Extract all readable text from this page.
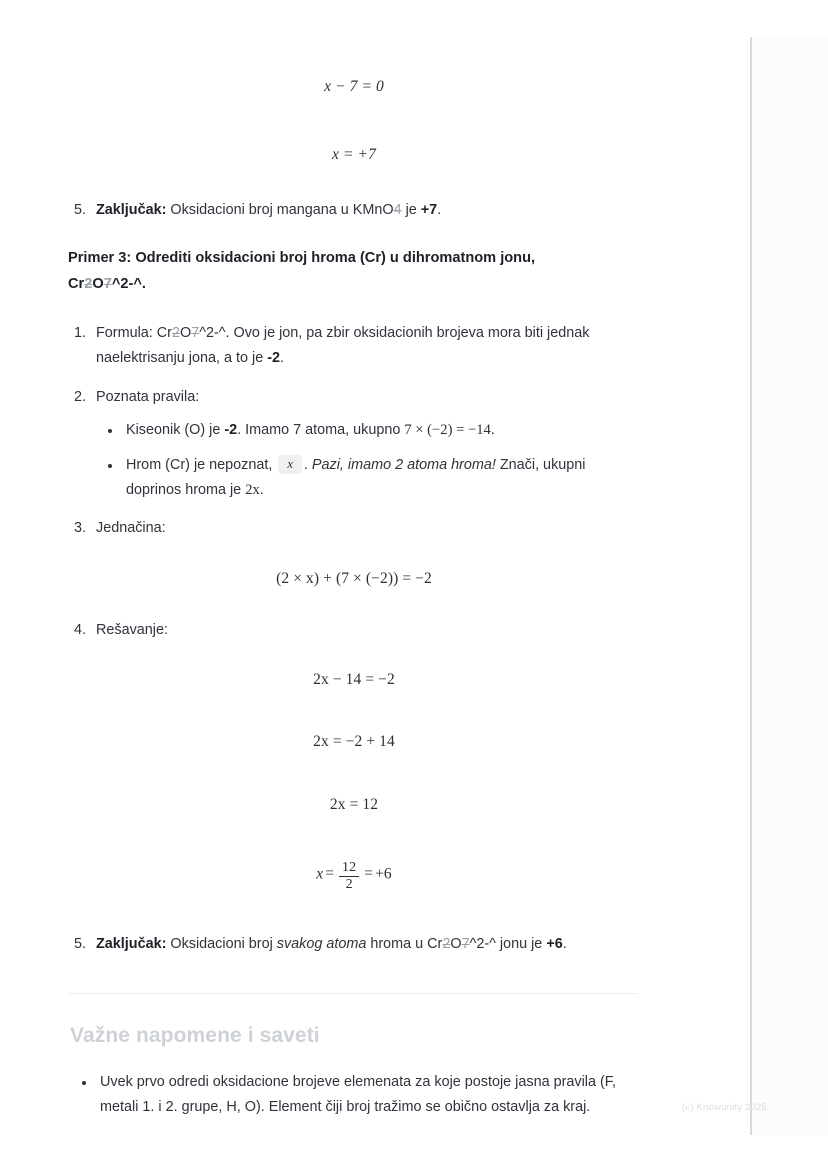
x − 7 = 0
x = +7
5. Zaključak: Oksidacioni broj mangana u KMnO4 je +7.
Primer 3: Odrediti oksidacioni broj hroma (Cr) u dihromatnom jonu,
Cr2O7^2-^.
1. Formula: Cr2O7^2-^. Ovo je jon, pa zbir oksidacionih brojeva mora biti jednak naelektrisanju jona, a to je -2.
2. Poznata pravila:
Kiseonik (O) je -2. Imamo 7 atoma, ukupno 7 × (−2) = −14.
Hrom (Cr) je nepoznat, x . Pazi, imamo 2 atoma hroma! Znači, ukupni doprinos hroma je 2x.
3. Jednačina:
(2 × x) + (7 × (−2)) = −2
4. Rešavanje:
2x − 14 = −2
2x = −2 + 14
2x = 12
$x = \frac{12}{2} = +6$
5. Zaključak: Oksidacioni broj svakog atoma hroma u Cr2O7^2-^ jonu je +6.
Važne napomene i saveti
Uvek prvo odredi oksidacione brojeve elemenata za koje postoje jasna pravila (F, metali 1. i 2. grupe, H, O). Element čiji broj tražimo se obično ostavlja za kraj.	(c) Knowunity 2025
